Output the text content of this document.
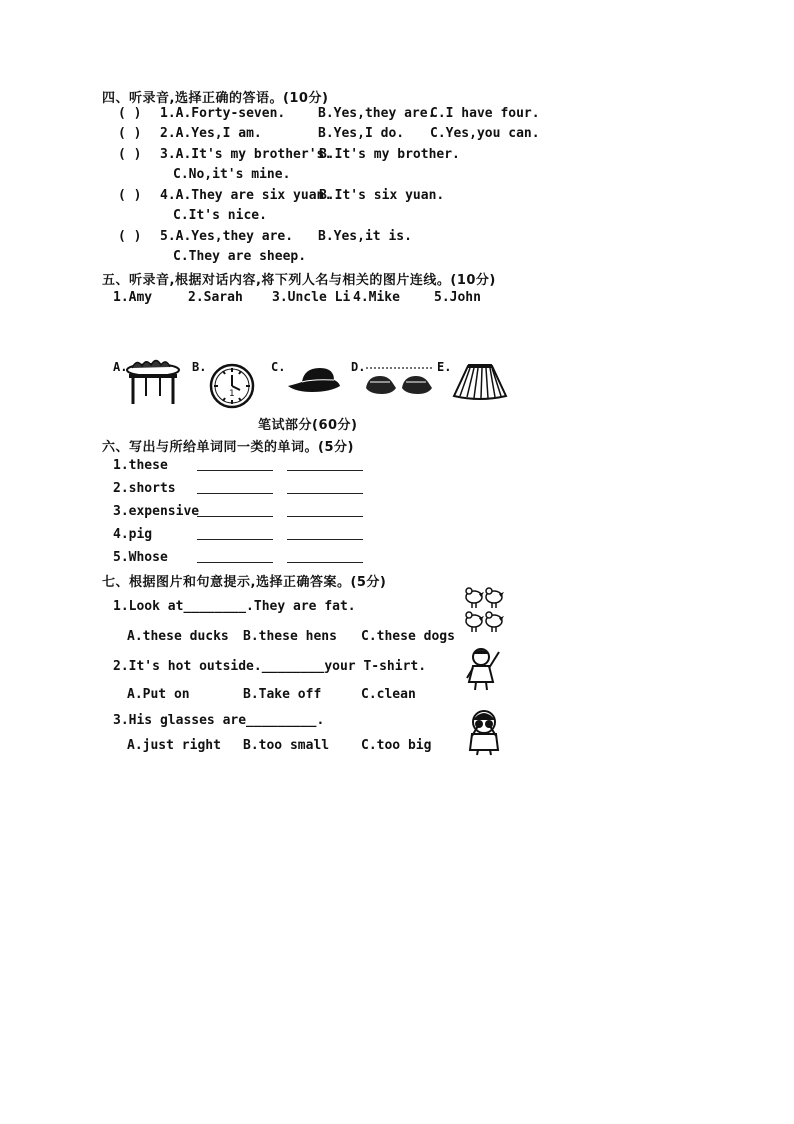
四、听录音,选择正确的答语。(10分)
( ) 1.A.Forty-seven.	B.Yes,they are.
C.I have four.
( ) 2.A.Yes,I am.	B.Yes,I do. C.Yes,you can.
( ) 3.A.It's my brother's.
B.It's my brother.
C.No,it's mine.
( ) 4.A.They are six yuan.
B.It's six yuan.
C.It's nice.
( ) 5.A.Yes,they are. B.Yes,it is.
C.They are sheep.
五、听录音,根据对话内容,将下列人名与相关的图片连线。(10分)
1.Amy	2.Sarah 3.Uncle Li 4.Mike	5.John
A.	B.
1
C.	D.	E.
笔试部分(60分)
六、写出与所给单词同一类的单词。(5分)
1.these
2.shorts
3.expensive
4.pig
5.Whose
七、根据图片和句意提示,选择正确答案。(5分)
1.Look at________.They are fat.
A.these ducks B.these hens C.these dogs
2.It's hot outside.________your T-shirt.
A.Put on	B.Take off	C.clean
3.His glasses are_________.
A.just right B.too small C.too big
